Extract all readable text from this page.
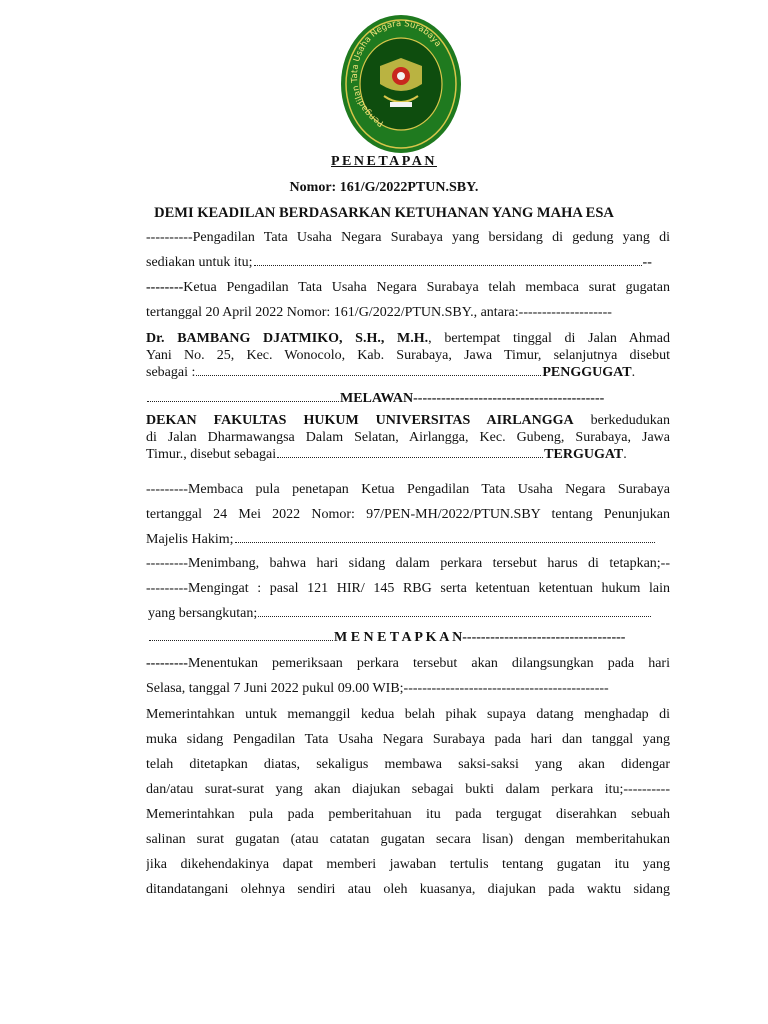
Pengadilan Tata Usaha Negara Surabaya
PENETAPAN
Nomor: 161/G/2022PTUN.SBY.
DEMI KEADILAN BERDASARKAN KETUHANAN YANG MAHA ESA
----------Pengadilan Tata Usaha Negara Surabaya yang bersidang di gedung yang di
sediakan untuk itu;	--
--------Ketua Pengadilan Tata Usaha Negara Surabaya telah membaca surat gugatan
tertanggal 20 April 2022 Nomor: 161/G/2022/PTUN.SBY., antara:--------------------
Dr. BAMBANG DJATMIKO, S.H., M.H., bertempat tinggal di Jalan Ahmad
Yani No. 25, Kec. Wonocolo, Kab. Surabaya, Jawa Timur, selanjutnya disebut
sebagai :	PENGGUGAT.
MELAWAN-----------------------------------------
DEKAN FAKULTAS HUKUM UNIVERSITAS AIRLANGGA berkedudukan
di Jalan Dharmawangsa Dalam Selatan, Airlangga, Kec. Gubeng, Surabaya, Jawa
Timur., disebut sebagai	TERGUGAT.
---------Membaca pula penetapan Ketua Pengadilan Tata Usaha Negara Surabaya
tertanggal 24 Mei 2022 Nomor: 97/PEN-MH/2022/PTUN.SBY tentang Penunjukan
Majelis Hakim;
---------Menimbang, bahwa hari sidang dalam perkara tersebut harus di tetapkan;--
---------Mengingat : pasal 121 HIR/ 145 RBG serta ketentuan ketentuan hukum lain
yang bersangkutan;
M E N E T A P K A N-----------------------------------
---------Menentukan pemeriksaan perkara tersebut akan dilangsungkan pada hari
Selasa, tanggal 7 Juni 2022 pukul 09.00 WIB;--------------------------------------------
Memerintahkan untuk memanggil kedua belah pihak supaya datang menghadap di
muka sidang Pengadilan Tata Usaha Negara Surabaya pada hari dan tanggal yang
telah ditetapkan diatas, sekaligus membawa saksi-saksi yang akan didengar
dan/atau surat-surat yang akan diajukan sebagai bukti dalam perkara itu;----------
Memerintahkan pula pada pemberitahuan itu pada tergugat diserahkan sebuah
salinan surat gugatan (atau catatan gugatan secara lisan) dengan memberitahukan
jika dikehendakinya dapat memberi jawaban tertulis tentang gugatan itu yang
ditandatangani olehnya sendiri atau oleh kuasanya, diajukan pada waktu sidang
